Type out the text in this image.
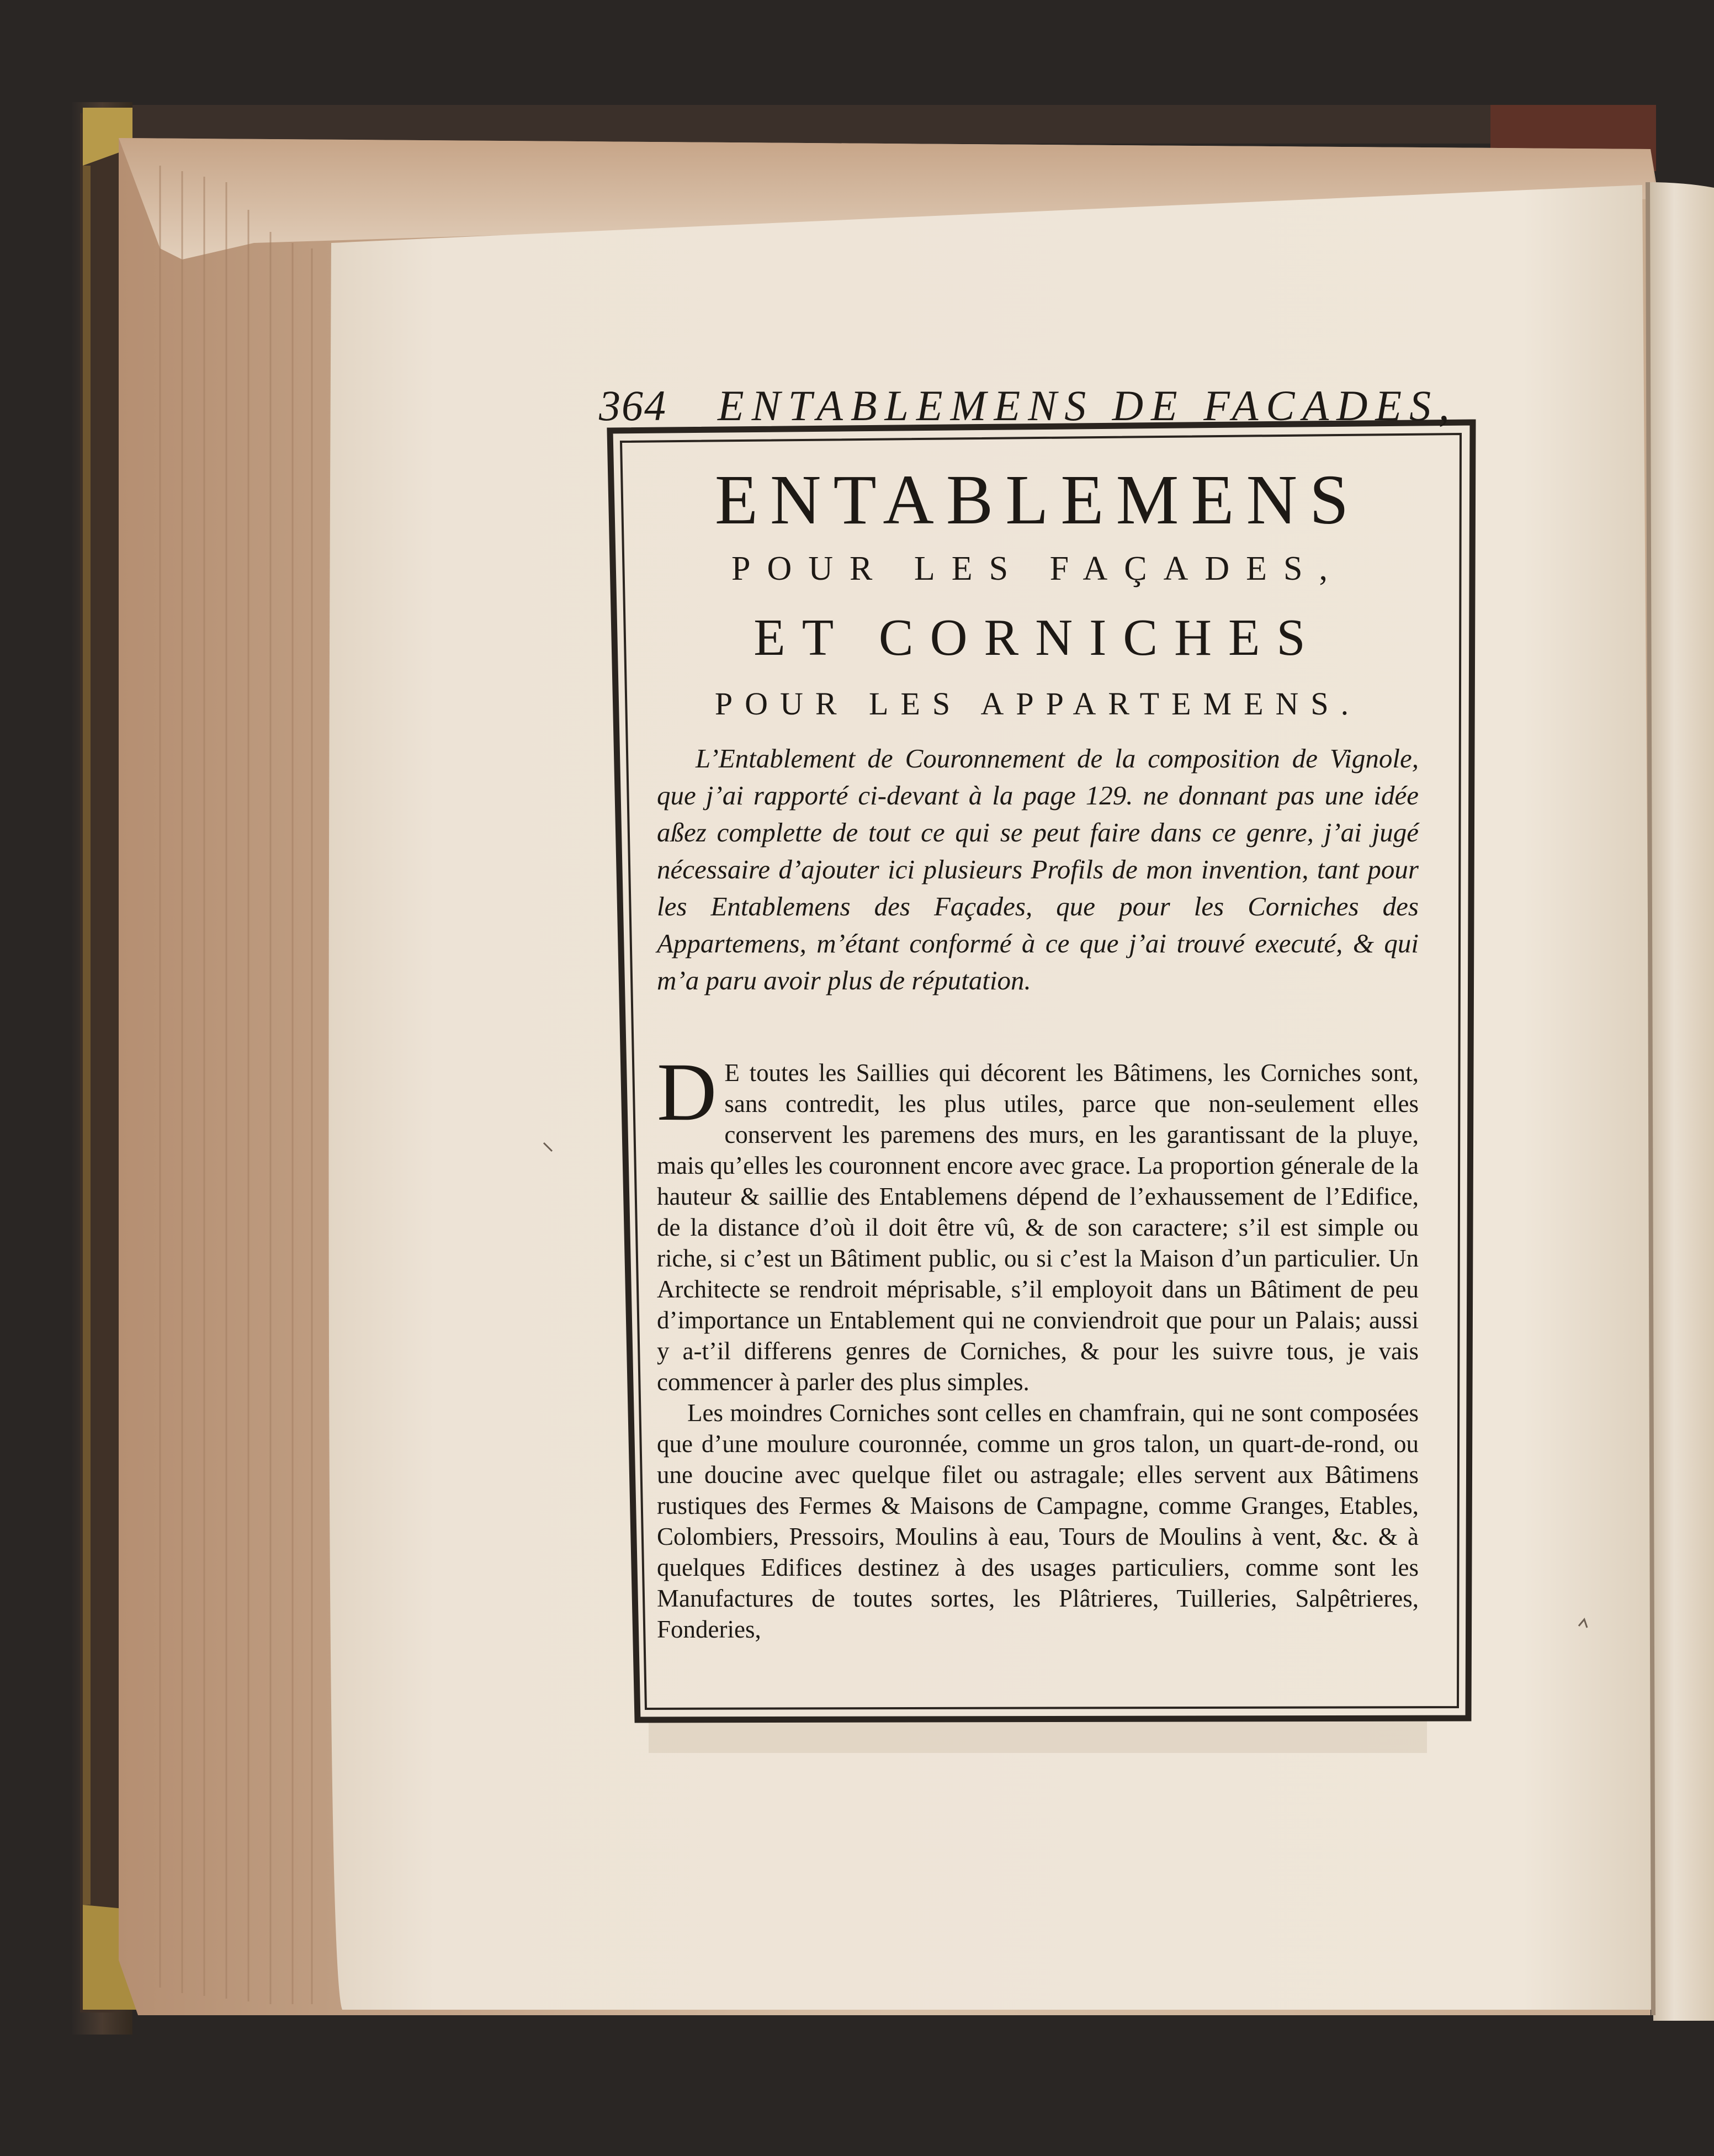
364 ENTABLEMENS DE FACADES,
ENTABLEMENS
POUR LES FAÇADES,
ET CORNICHES
POUR LES APPARTEMENS.
L’Entablement de Couronnement de la composition de Vignole, que j’ai rapporté ci-devant à la page 129. ne donnant pas une idée aßez complette de tout ce qui se peut faire dans ce genre, j’ai jugé nécessaire d’ajouter ici plusieurs Profils de mon invention, tant pour les Entablemens des Façades, que pour les Corniches des Appartemens, m’étant conformé à ce que j’ai trouvé executé, & qui m’a paru avoir plus de réputation.

D E toutes les Saillies qui décorent les Bâtimens, les Corniches sont, sans contredit, les plus utiles, parce que non-seulement elles conservent les paremens des murs, en les garantissant de la pluye, mais qu’elles les couronnent encore avec grace. La proportion génerale de la hauteur & saillie des Entablemens dépend de l’exhaussement de l’Edifice, de la distance d’où il doit être vû, & de son caractere; s’il est simple ou riche, si c’est un Bâtiment public, ou si c’est la Maison d’un particulier. Un Architecte se rendroit méprisable, s’il employoit dans un Bâtiment de peu d’importance un Entablement qui ne conviendroit que pour un Palais; aussi y a-t’il differens genres de Corniches, & pour les suivre tous, je vais commencer à parler des plus simples.

Les moindres Corniches sont celles en chamfrain, qui ne sont composées que d’une moulure couronnée, comme un gros talon, un quart-de-rond, ou une doucine avec quelque filet ou astragale; elles servent aux Bâtimens rustiques des Fermes & Maisons de Campagne, comme Granges, Etables, Colombiers, Pressoirs, Moulins à eau, Tours de Moulins à vent, &c. & à quelques Edifices destinez à des usages particuliers, comme sont les Manufactures de toutes sortes, les Plâtrieres, Tuilleries, Salpêtrieres, Fonderies,
